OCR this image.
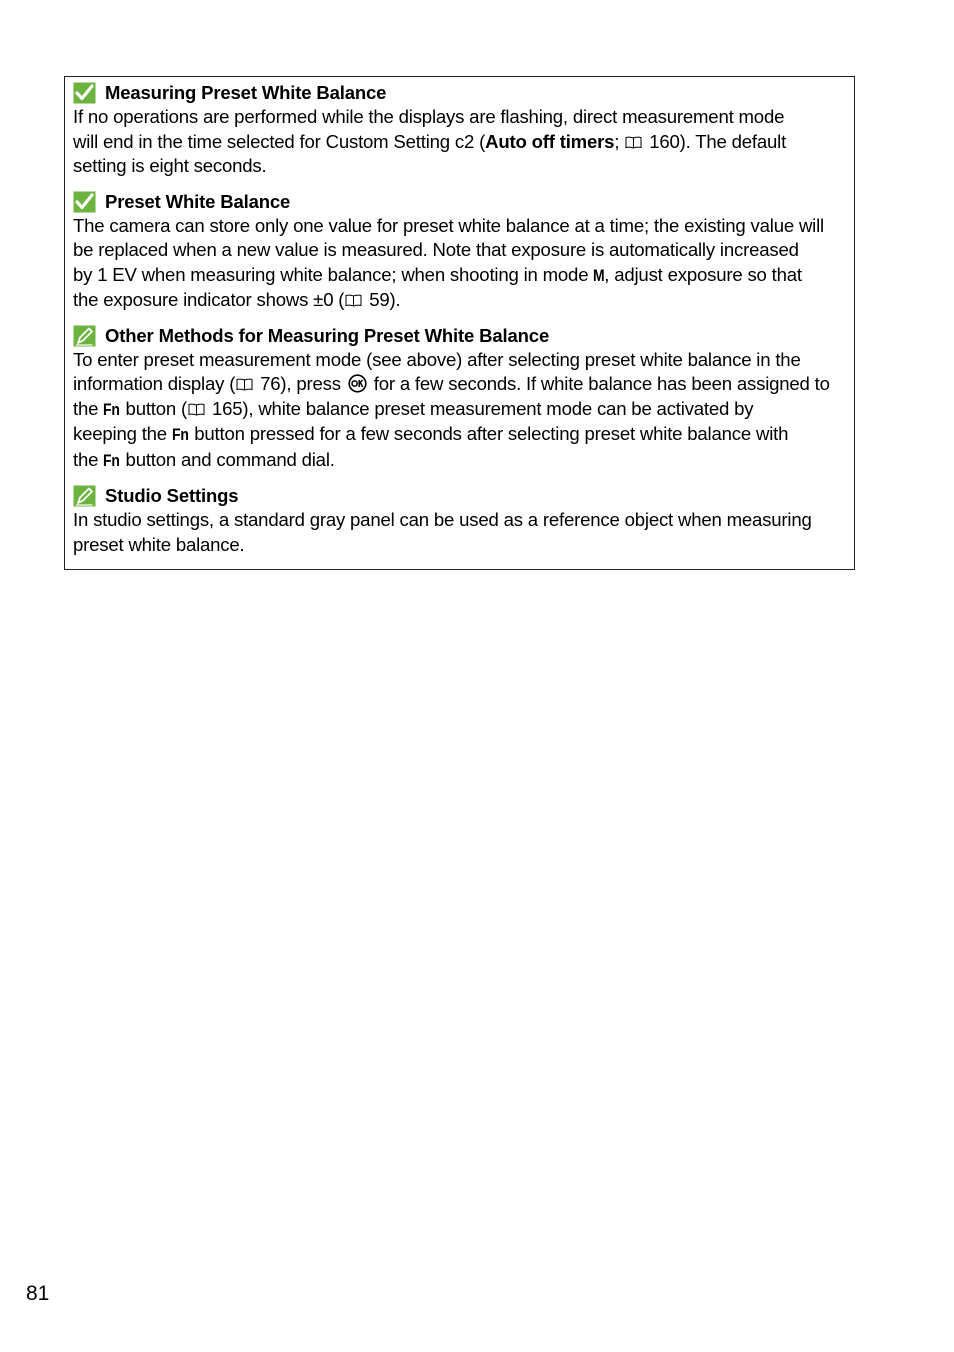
Measuring Preset White Balance
If no operations are performed while the displays are flashing, direct measurement mode
will end in the time selected for Custom Setting c2 (Auto off timers;  160). The default
setting is eight seconds.
Preset White Balance
The camera can store only one value for preset white balance at a time; the existing value will
be replaced when a new value is measured. Note that exposure is automatically increased
by 1 EV when measuring white balance; when shooting in mode M, adjust exposure so that
the exposure indicator shows ±0 ( 59).
Other Methods for Measuring Preset White Balance
To enter preset measurement mode (see above) after selecting preset white balance in the
information display ( 76), press  for a few seconds. If white balance has been assigned to
the Fn button ( 165), white balance preset measurement mode can be activated by
keeping the Fn button pressed for a few seconds after selecting preset white balance with
the Fn button and command dial.
Studio Settings
In studio settings, a standard gray panel can be used as a reference object when measuring
preset white balance.
81
